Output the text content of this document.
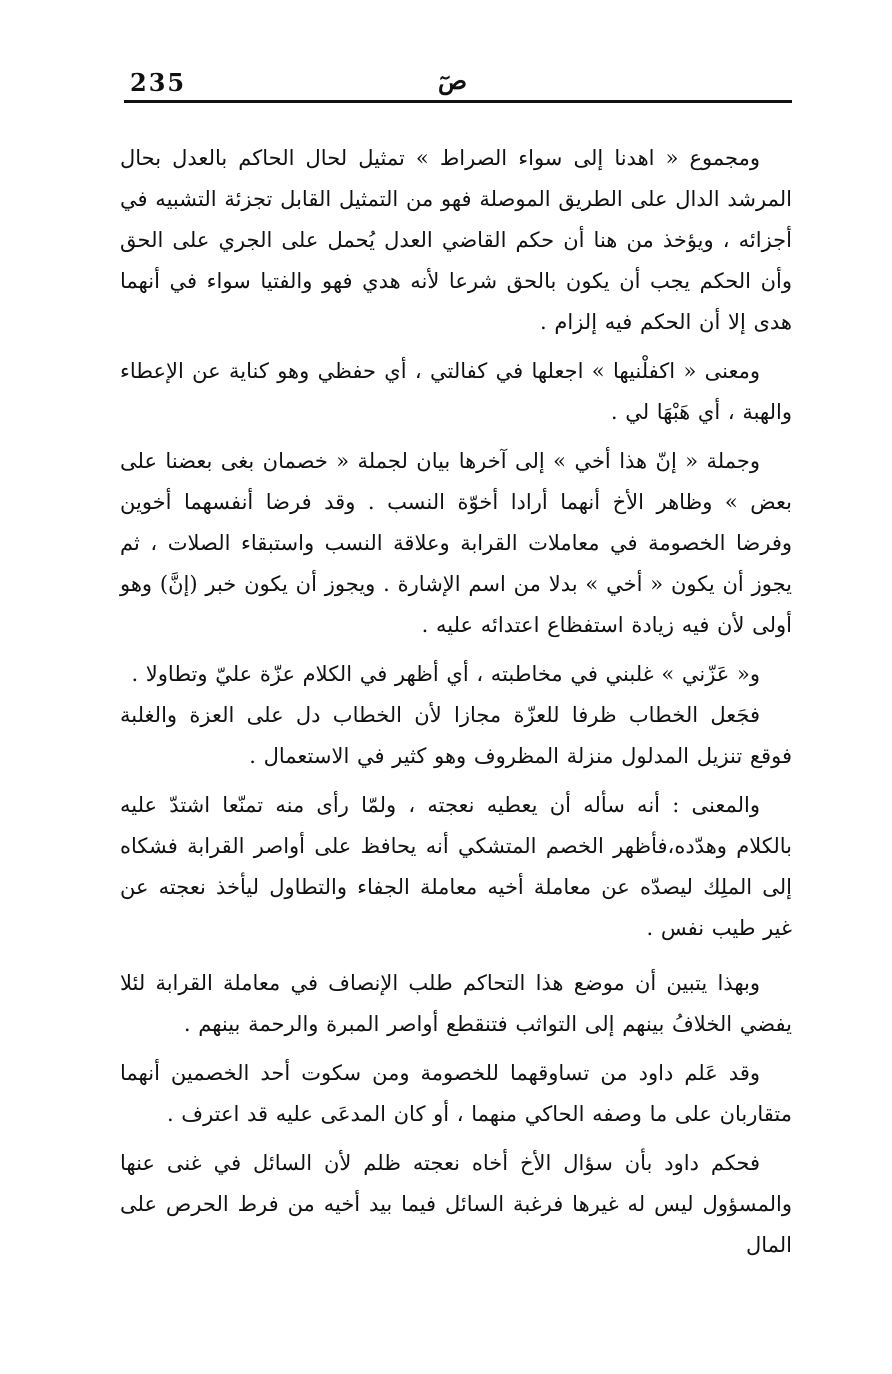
235	صٓ

ومجموع « اهدنا إلى سواء الصراط » تمثيل لحال الحاكم بالعدل بحال المرشد الدال على الطريق الموصلة فهو من التمثيل القابل تجزئة التشبيه في أجزائه ، ويؤخذ من هنا أن حكم القاضي العدل يُحمل على الجري على الحق وأن الحكم يجب أن يكون بالحق شرعا لأنه هدي فهو والفتيا سواء في أنهما هدى إلا أن الحكم فيه إلزام .

ومعنى « اكفلْنيها » اجعلها في كفالتي ، أي حفظي وهو كناية عن الإعطاء والهبة ، أي هَبْهَا لي .

وجملة « إنّ هذا أخي » إلى آخرها بيان لجملة « خصمان بغى بعضنا على بعض » وظاهر الأخ أنهما أرادا أخوّة النسب . وقد فرضا أنفسهما أخوين وفرضا الخصومة في معاملات القرابة وعلاقة النسب واستبقاء الصلات ، ثم يجوز أن يكون « أخي » بدلا من اسم الإشارة . ويجوز أن يكون خبر (إنَّ) وهو أولى لأن فيه زيادة استفظاع اعتدائه عليه .

و« عَزّني » غلبني في مخاطبته ، أي أظهر في الكلام عزّة عليّ وتطاولا .

فجَعل الخطاب ظرفا للعزّة مجازا لأن الخطاب دل على العزة والغلبة فوقع تنزيل المدلول منزلة المظروف وهو كثير في الاستعمال .

والمعنى : أنه سأله أن يعطيه نعجته ، ولمّا رأى منه تمنّعا اشتدّ عليه بالكلام وهدّده،فأظهر الخصم المتشكي أنه يحافظ على أواصر القرابة فشكاه إلى الملِك ليصدّه عن معاملة أخيه معاملة الجفاء والتطاول ليأخذ نعجته عن غير طيب نفس .

وبهذا يتبين أن موضع هذا التحاكم طلب الإنصاف في معاملة القرابة لئلا يفضي الخلافُ بينهم إلى التواثب فتنقطع أواصر المبرة والرحمة بينهم .

وقد عَلم داود من تساوقهما للخصومة ومن سكوت أحد الخصمين أنهما متقاربان على ما وصفه الحاكي منهما ، أو كان المدعَى عليه قد اعترف .

فحكم داود بأن سؤال الأخ أخاه نعجته ظلم لأن السائل في غنى عنها والمسؤول ليس له غيرها فرغبة السائل فيما بيد أخيه من فرط الحرص على المال
